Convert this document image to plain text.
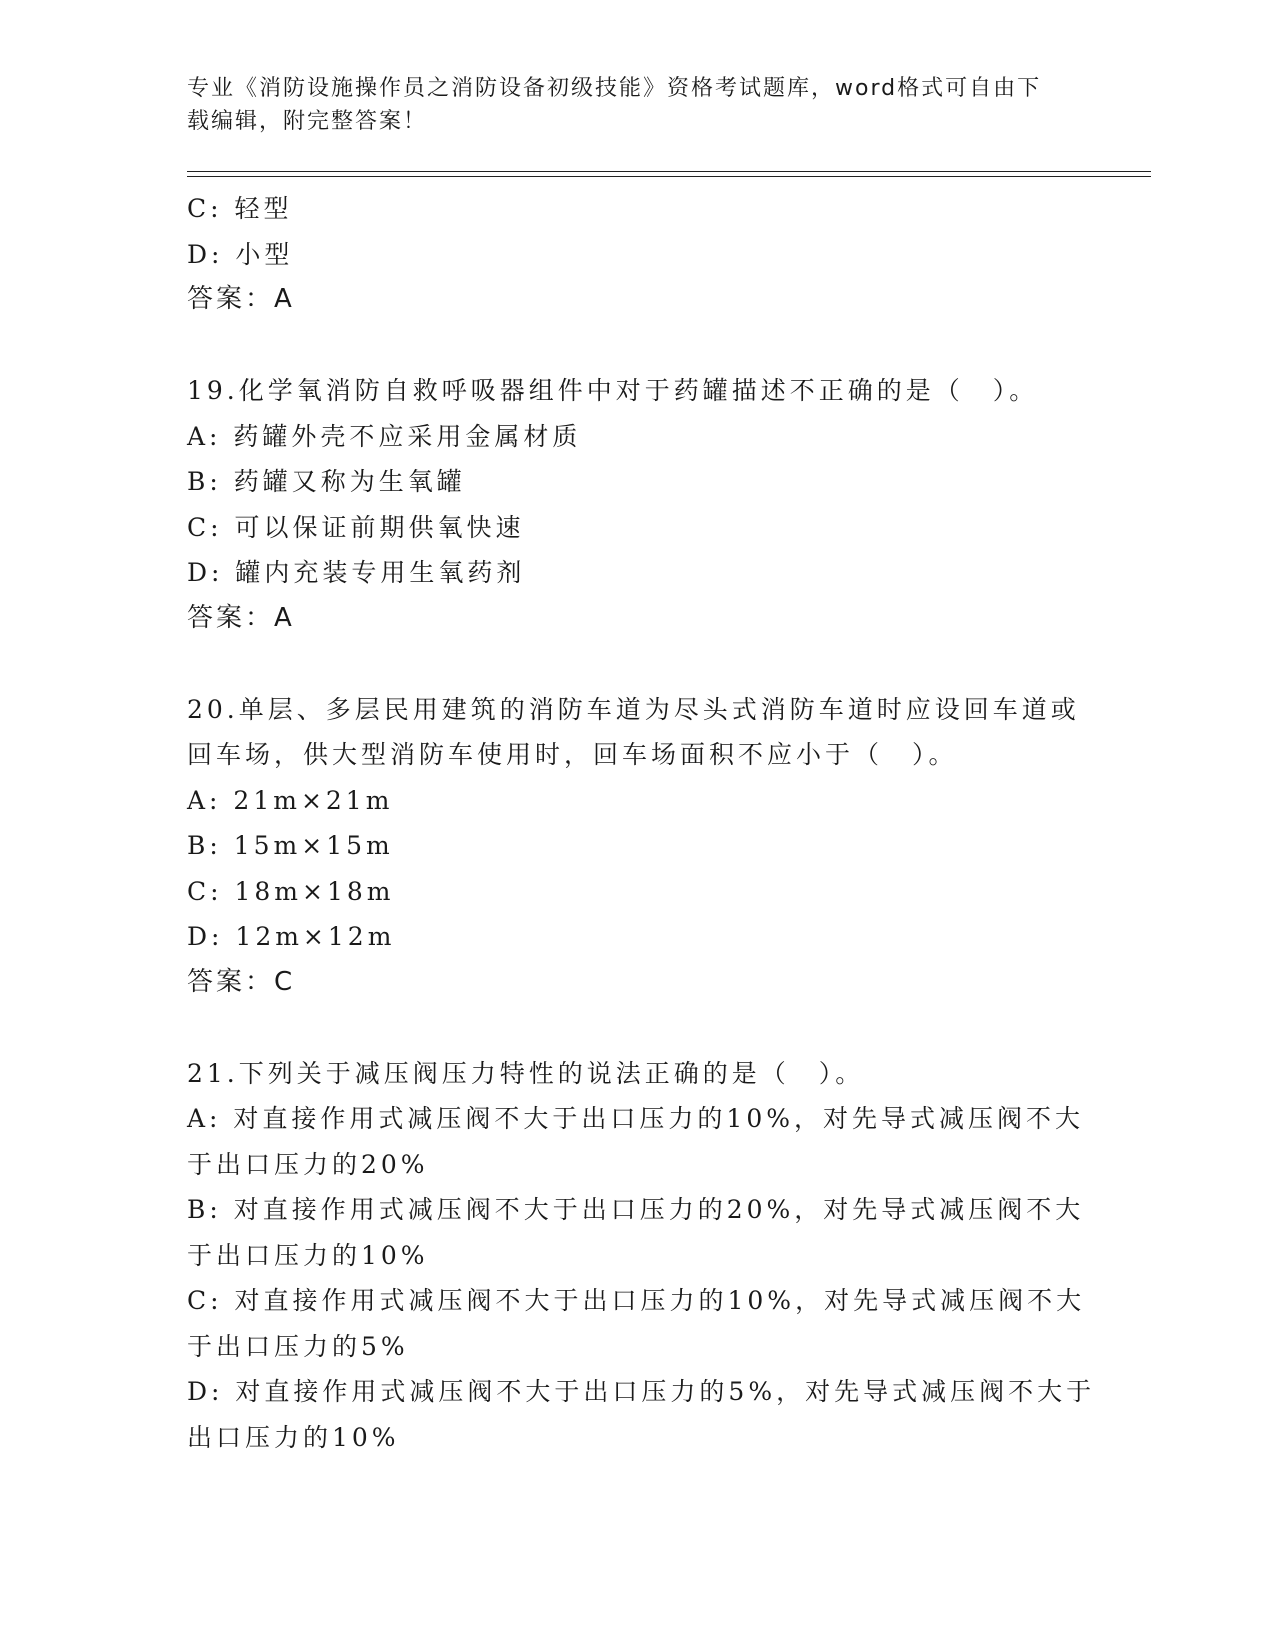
专业《消防设施操作员之消防设备初级技能》资格考试题库，word格式可自由下
载编辑，附完整答案！
C: 轻型
D: 小型
答案：A
19.化学氧消防自救呼吸器组件中对于药罐描述不正确的是（　）。
A: 药罐外壳不应采用金属材质
B: 药罐又称为生氧罐
C: 可以保证前期供氧快速
D: 罐内充装专用生氧药剂
答案：A
20.单层、多层民用建筑的消防车道为尽头式消防车道时应设回车道或
回车场，供大型消防车使用时，回车场面积不应小于（　）。
A: 21m×21m
B: 15m×15m
C: 18m×18m
D: 12m×12m
答案：C
21.下列关于减压阀压力特性的说法正确的是（　）。
A: 对直接作用式减压阀不大于出口压力的10%，对先导式减压阀不大
于出口压力的20%
B: 对直接作用式减压阀不大于出口压力的20%，对先导式减压阀不大
于出口压力的10%
C: 对直接作用式减压阀不大于出口压力的10%，对先导式减压阀不大
于出口压力的5%
D: 对直接作用式减压阀不大于出口压力的5%，对先导式减压阀不大于
出口压力的10%
